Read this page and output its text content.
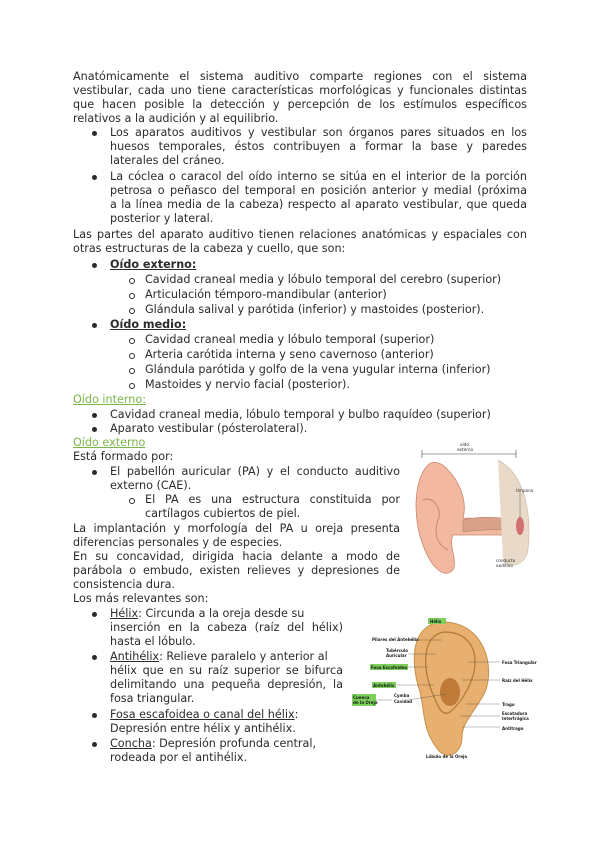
Anatómicamente el sistema auditivo comparte regiones con el sistema
vestibular, cada uno tiene características morfológicas y funcionales distintas
que hacen posible la detección y percepción de los estímulos específicos
relativos a la audición y al equilibrio.
Los aparatos auditivos y vestibular son órganos pares situados en los
huesos temporales, éstos contribuyen a formar la base y paredes
laterales del cráneo.
La cóclea o caracol del oído interno se sitúa en el interior de la porción
petrosa o peñasco del temporal en posición anterior y medial (próxima
a la línea media de la cabeza) respecto al aparato vestibular, que queda
posterior y lateral.
Las partes del aparato auditivo tienen relaciones anatómicas y espaciales con
otras estructuras de la cabeza y cuello, que son:
Oído externo:
Cavidad craneal media y lóbulo temporal del cerebro (superior)
Articulación témporo-mandibular (anterior)
Glándula salival y parótida (inferior) y mastoides (posterior).
Oído medio:
Cavidad craneal media y lóbulo temporal (superior)
Arteria carótida interna y seno cavernoso (anterior)
Glándula parótida y golfo de la vena yugular interna (inferior)
Mastoides y nervio facial (posterior).
Oído interno:
Cavidad craneal media, lóbulo temporal y bulbo raquídeo (superior)
Aparato vestibular (pósterolateral).
Oído externo
Está formado por:
El pabellón auricular (PA) y el conducto auditivo
externo (CAE).
El PA es una estructura constituida por
cartílagos cubiertos de piel.
La implantación y morfología del PA u oreja presenta
diferencias personales y de especies.
En su concavidad, dirigida hacia delante a modo de
parábola o embudo, existen relieves y depresiones de
consistencia dura.
Los más relevantes son:
Hélix: Circunda a la oreja desde su
inserción en la cabeza (raíz del hélix)
hasta el lóbulo.
Antihélix: Relieve paralelo y anterior al
hélix que en su raíz superior se bifurca
delimitando una pequeña depresión, la
fosa triangular.
Fosa escafoidea o canal del hélix:
Depresión entre hélix y antihélix.
Concha: Depresión profunda central,
rodeada por el antihélix.
oído
externo
tímpano
conducto
auditivo
Hélix
Pilares del Antehélix
Tubérculo
Auricular
Fosa Escafoidea
Antehélix
Cuenca
de la Oreja
Cymba
Cavidad
Fosa Triangular
Raíz del Hélix
Trago
Escotadura
Intertrágica
Antitrago
Lóbulo de la Oreja
